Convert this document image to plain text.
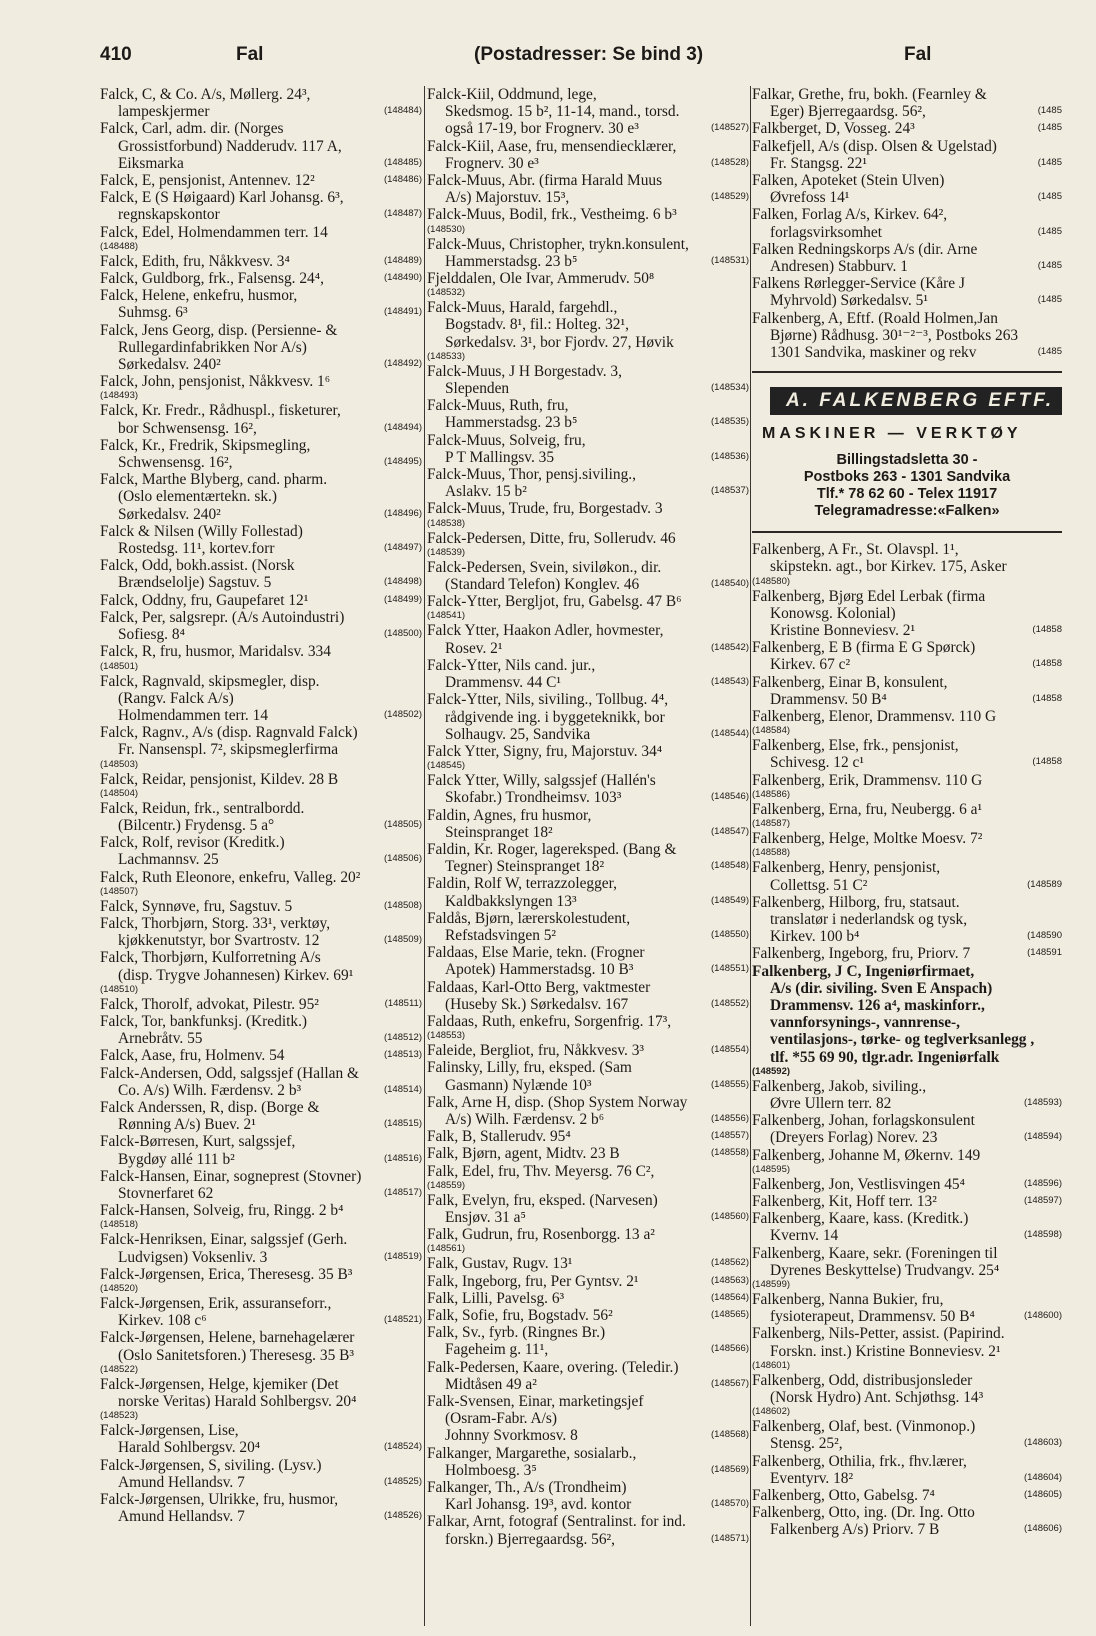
410	Fal	(Postadresser: Se bind 3)	Fal
Falck, C, & Co. A/s, Møllerg. 24³,
lampeskjermer	(148484)
Falck, Carl, adm. dir. (Norges
Grossistforbund) Nadderudv. 117 A,
Eiksmarka	(148485)
Falck, E, pensjonist, Antennev. 12²	(148486)
Falck, E (S Høigaard) Karl Johansg. 6³,
regnskapskontor	(148487)
Falck, Edel, Holmendammen terr. 14
(148488)
Falck, Edith, fru, Nåkkvesv. 3⁴	(148489)
Falck, Guldborg, frk., Falsensg. 24⁴,	(148490)
Falck, Helene, enkefru, husmor,
Suhmsg. 6³	(148491)
Falck, Jens Georg, disp. (Persienne- &
Rullegardinfabrikken Nor A/s)
Sørkedalsv. 240²	(148492)
Falck, John, pensjonist, Nåkkvesv. 1⁶
(148493)
Falck, Kr. Fredr., Rådhuspl., fisketurer,
bor Schwensensg. 16²,	(148494)
Falck, Kr., Fredrik, Skipsmegling,
Schwensensg. 16²,	(148495)
Falck, Marthe Blyberg, cand. pharm.
(Oslo elementærtekn. sk.)
Sørkedalsv. 240²	(148496)
Falck & Nilsen (Willy Follestad)
Rostedsg. 11¹, kortev.forr	(148497)
Falck, Odd, bokh.assist. (Norsk
Brændselolje) Sagstuv. 5	(148498)
Falck, Oddny, fru, Gaupefaret 12¹	(148499)
Falck, Per, salgsrepr. (A/s Autoindustri)
Sofiesg. 8⁴	(148500)
Falck, R, fru, husmor, Maridalsv. 334
(148501)
Falck, Ragnvald, skipsmegler, disp.
(Rangv. Falck A/s)
Holmendammen terr. 14	(148502)
Falck, Ragnv., A/s (disp. Ragnvald Falck)
Fr. Nansenspl. 7², skipsmeglerfirma
(148503)
Falck, Reidar, pensjonist, Kildev. 28 B
(148504)
Falck, Reidun, frk., sentralbordd.
(Bilcentr.) Frydensg. 5 a°	(148505)
Falck, Rolf, revisor (Kreditk.)
Lachmannsv. 25	(148506)
Falck, Ruth Eleonore, enkefru, Valleg. 20²
(148507)
Falck, Synnøve, fru, Sagstuv. 5	(148508)
Falck, Thorbjørn, Storg. 33¹, verktøy,
kjøkkenutstyr, bor Svartrostv. 12	(148509)
Falck, Thorbjørn, Kulforretning A/s
(disp. Trygve Johannesen) Kirkev. 69¹
(148510)
Falck, Thorolf, advokat, Pilestr. 95²	(148511)
Falck, Tor, bankfunksj. (Kreditk.)
Arnebråtv. 55	(148512)
Falck, Aase, fru, Holmenv. 54	(148513)
Falck-Andersen, Odd, salgssjef (Hallan &
Co. A/s) Wilh. Færdensv. 2 b³	(148514)
Falck Anderssen, R, disp. (Borge &
Rønning A/s) Buev. 2¹	(148515)
Falck-Børresen, Kurt, salgssjef,
Bygdøy allé 111 b²	(148516)
Falck-Hansen, Einar, sogneprest (Stovner)
Stovnerfaret 62	(148517)
Falck-Hansen, Solveig, fru, Ringg. 2 b⁴
(148518)
Falck-Henriksen, Einar, salgssjef (Gerh.
Ludvigsen) Voksenliv. 3	(148519)
Falck-Jørgensen, Erica, Theresesg. 35 B³
(148520)
Falck-Jørgensen, Erik, assuranseforr.,
Kirkev. 108 c⁶	(148521)
Falck-Jørgensen, Helene, barnehagelærer
(Oslo Sanitetsforen.) Theresesg. 35 B³
(148522)
Falck-Jørgensen, Helge, kjemiker (Det
norske Veritas) Harald Sohlbergsv. 20⁴
(148523)
Falck-Jørgensen, Lise,
Harald Sohlbergsv. 20⁴	(148524)
Falck-Jørgensen, S, siviling. (Lysv.)
Amund Hellandsv. 7	(148525)
Falck-Jørgensen, Ulrikke, fru, husmor,
Amund Hellandsv. 7	(148526)
Falck-Kiil, Oddmund, lege,
Skedsmog. 15 b², 11-14, mand., torsd.
også 17-19, bor Frognerv. 30 e³	(148527)
Falck-Kiil, Aase, fru, mensendiecklærer,
Frognerv. 30 e³	(148528)
Falck-Muus, Abr. (firma Harald Muus
A/s) Majorstuv. 15³,	(148529)
Falck-Muus, Bodil, frk., Vestheimg. 6 b³
(148530)
Falck-Muus, Christopher, trykn.konsulent,
Hammerstadsg. 23 b⁵	(148531)
Fjelddalen, Ole Ivar, Ammerudv. 50⁸
(148532)
Falck-Muus, Harald, fargehdl.,
Bogstadv. 8¹, fil.: Holteg. 32¹,
Sørkedalsv. 3¹, bor Fjordv. 27, Høvik
(148533)
Falck-Muus, J H Borgestadv. 3,
Slependen	(148534)
Falck-Muus, Ruth, fru,
Hammerstadsg. 23 b⁵	(148535)
Falck-Muus, Solveig, fru,
P T Mallingsv. 35	(148536)
Falck-Muus, Thor, pensj.siviling.,
Aslakv. 15 b²	(148537)
Falck-Muus, Trude, fru, Borgestadv. 3
(148538)
Falck-Pedersen, Ditte, fru, Sollerudv. 46
(148539)
Falck-Pedersen, Svein, siviløkon., dir.
(Standard Telefon) Konglev. 46	(148540)
Falck-Ytter, Bergljot, fru, Gabelsg. 47 B⁶
(148541)
Falck Ytter, Haakon Adler, hovmester,
Rosev. 2¹	(148542)
Falck-Ytter, Nils cand. jur.,
Drammensv. 44 C¹	(148543)
Falck-Ytter, Nils, siviling., Tollbug. 4⁴,
rådgivende ing. i byggeteknikk, bor
Solhaugv. 25, Sandvika	(148544)
Falck Ytter, Signy, fru, Majorstuv. 34⁴
(148545)
Falck Ytter, Willy, salgssjef (Hallén's
Skofabr.) Trondheimsv. 103³	(148546)
Faldin, Agnes, fru husmor,
Steinspranget 18²	(148547)
Faldin, Kr. Roger, lagereksped. (Bang &
Tegner) Steinspranget 18²	(148548)
Faldin, Rolf W, terrazzolegger,
Kaldbakkslyngen 13³	(148549)
Faldås, Bjørn, lærerskolestudent,
Refstadsvingen 5²	(148550)
Faldaas, Else Marie, tekn. (Frogner
Apotek) Hammerstadsg. 10 B³	(148551)
Faldaas, Karl-Otto Berg, vaktmester
(Huseby Sk.) Sørkedalsv. 167	(148552)
Faldaas, Ruth, enkefru, Sorgenfrig. 17³,
(148553)
Faleide, Bergliot, fru, Nåkkvesv. 3³	(148554)
Falinsky, Lilly, fru, eksped. (Sam
Gasmann) Nylænde 10³	(148555)
Falk, Arne H, disp. (Shop System Norway
A/s) Wilh. Færdensv. 2 b⁶	(148556)
Falk, B, Stallerudv. 95⁴	(148557)
Falk, Bjørn, agent, Midtv. 23 B	(148558)
Falk, Edel, fru, Thv. Meyersg. 76 C²,
(148559)
Falk, Evelyn, fru, eksped. (Narvesen)
Ensjøv. 31 a⁵	(148560)
Falk, Gudrun, fru, Rosenborgg. 13 a²
(148561)
Falk, Gustav, Rugv. 13¹	(148562)
Falk, Ingeborg, fru, Per Gyntsv. 2¹	(148563)
Falk, Lilli, Pavelsg. 6³	(148564)
Falk, Sofie, fru, Bogstadv. 56²	(148565)
Falk, Sv., fyrb. (Ringnes Br.)
Fageheim g. 11¹,	(148566)
Falk-Pedersen, Kaare, overing. (Teledir.)
Midtåsen 49 a²	(148567)
Falk-Svensen, Einar, marketingsjef
(Osram-Fabr. A/s)
Johnny Svorkmosv. 8	(148568)
Falkanger, Margarethe, sosialarb.,
Holmboesg. 3⁵	(148569)
Falkanger, Th., A/s (Trondheim)
Karl Johansg. 19³, avd. kontor	(148570)
Falkar, Arnt, fotograf (Sentralinst. for ind.
forskn.) Bjerregaardsg. 56²,	(148571)
Falkar, Grethe, fru, bokh. (Fearnley &
Eger) Bjerregaardsg. 56²,	(1485
Falkberget, D, Vosseg. 24³	(1485
Falkefjell, A/s (disp. Olsen & Ugelstad)
Fr. Stangsg. 22¹	(1485
Falken, Apoteket (Stein Ulven)
Øvrefoss 14¹	(1485
Falken, Forlag A/s, Kirkev. 64²,
forlagsvirksomhet	(1485
Falken Redningskorps A/s (dir. Arne
Andresen) Stabburv. 1	(1485
Falkens Rørlegger-Service (Kåre J
Myhrvold) Sørkedalsv. 5¹	(1485
Falkenberg, A, Eftf. (Roald Holmen,Jan
Bjørne) Rådhusg. 30¹⁻²⁻³, Postboks 263
1301 Sandvika, maskiner og rekv	(1485
A. FALKENBERG EFTF.
MASKINER — VERKTØY
Billingstadsletta 30 -
Postboks 263 - 1301 Sandvika
Tlf.* 78 62 60 - Telex 11917
Telegramadresse:«Falken»
Falkenberg, A Fr., St. Olavspl. 1¹,
skipstekn. agt., bor Kirkev. 175, Asker
(148580)
Falkenberg, Bjørg Edel Lerbak (firma
Konowsg. Kolonial)
Kristine Bonneviesv. 2¹	(14858
Falkenberg, E B (firma E G Spørck)
Kirkev. 67 c²	(14858
Falkenberg, Einar B, konsulent,
Drammensv. 50 B⁴	(14858
Falkenberg, Elenor, Drammensv. 110 G
(148584)
Falkenberg, Else, frk., pensjonist,
Schivesg. 12 c¹	(14858
Falkenberg, Erik, Drammensv. 110 G
(148586)
Falkenberg, Erna, fru, Neubergg. 6 a¹
(148587)
Falkenberg, Helge, Moltke Moesv. 7²
(148588)
Falkenberg, Henry, pensjonist,
Collettsg. 51 C²	(148589
Falkenberg, Hilborg, fru, statsaut.
translatør i nederlandsk og tysk,
Kirkev. 100 b⁴	(148590
Falkenberg, Ingeborg, fru, Priorv. 7	(148591
Falkenberg, J C, Ingeniørfirmaet,
A/s (dir. siviling. Sven E Anspach)
Drammensv. 126 a⁴, maskinforr.,
vannforsynings-, vannrense-,
ventilasjons-, tørke- og teglverksanlegg ,
tlf. *55 69 90, tlgr.adr. Ingeniørfalk
(148592)
Falkenberg, Jakob, siviling.,
Øvre Ullern terr. 82	(148593)
Falkenberg, Johan, forlagskonsulent
(Dreyers Forlag) Norev. 23	(148594)
Falkenberg, Johanne M, Økernv. 149
(148595)
Falkenberg, Jon, Vestlisvingen 45⁴	(148596)
Falkenberg, Kit, Hoff terr. 13²	(148597)
Falkenberg, Kaare, kass. (Kreditk.)
Kvernv. 14	(148598)
Falkenberg, Kaare, sekr. (Foreningen til
Dyrenes Beskyttelse) Trudvangv. 25⁴
(148599)
Falkenberg, Nanna Bukier, fru,
fysioterapeut, Drammensv. 50 B⁴	(148600)
Falkenberg, Nils-Petter, assist. (Papirind.
Forskn. inst.) Kristine Bonneviesv. 2¹
(148601)
Falkenberg, Odd, distribusjonsleder
(Norsk Hydro) Ant. Schjøthsg. 14³
(148602)
Falkenberg, Olaf, best. (Vinmonop.)
Stensg. 25²,	(148603)
Falkenberg, Othilia, frk., fhv.lærer,
Eventyrv. 18²	(148604)
Falkenberg, Otto, Gabelsg. 7⁴	(148605)
Falkenberg, Otto, ing. (Dr. Ing. Otto
Falkenberg A/s) Priorv. 7 B	(148606)
